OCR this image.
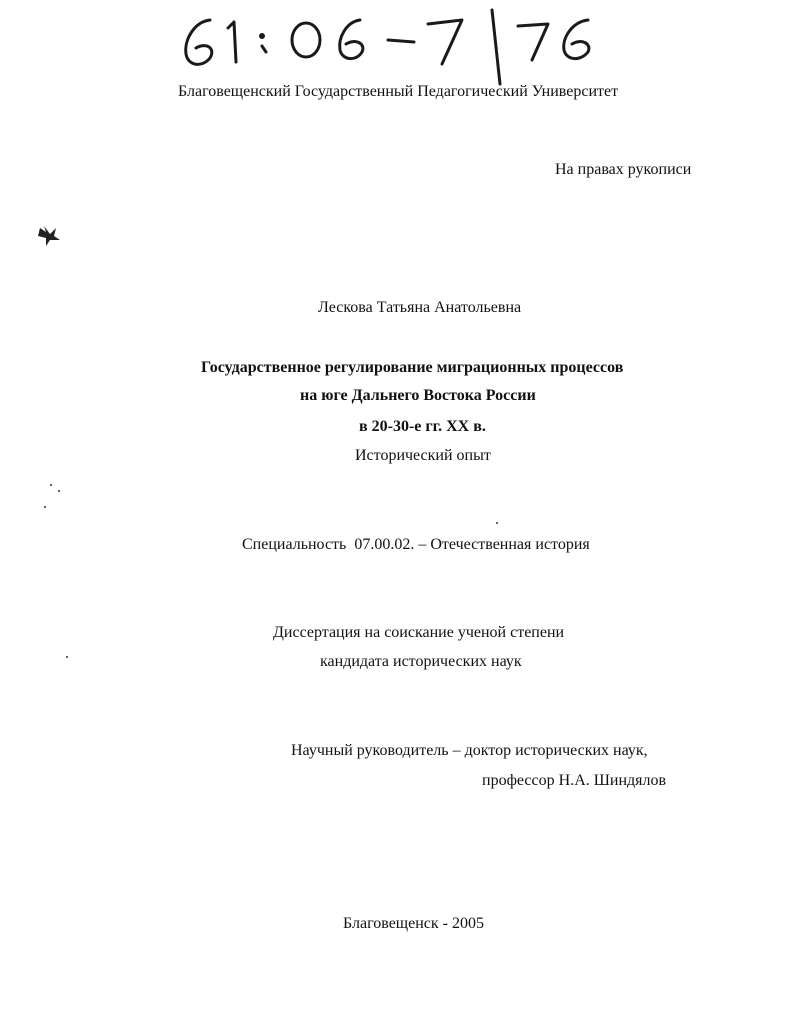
Благовещенский Государственный Педагогический Университет
На правах рукописи
Лескова Татьяна Анатольевна
Государственное регулирование миграционных процессов
на юге Дальнего Востока России
в 20-30-е гг. XX в.
Исторический опыт
Специальность  07.00.02. – Отечественная история
Диссертация на соискание ученой степени
кандидата исторических наук
Научный руководитель – доктор исторических наук,
профессор Н.А. Шиндялов
Благовещенск - 2005
